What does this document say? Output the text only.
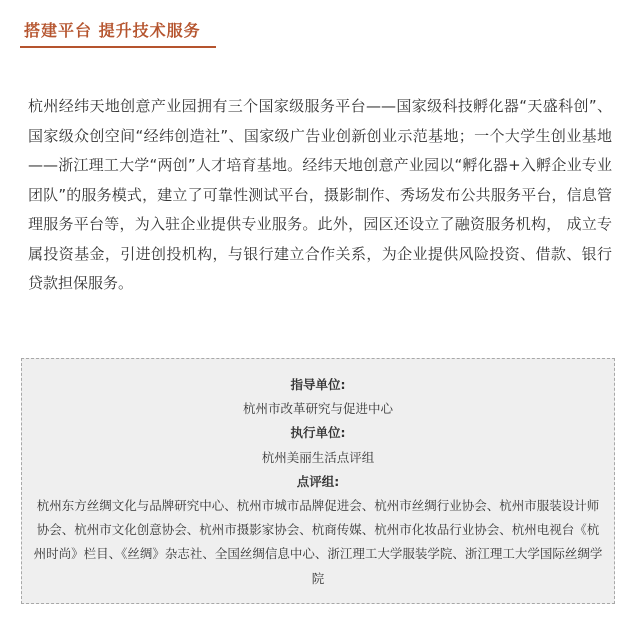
搭建平台 提升技术服务
杭州经纬天地创意产业园拥有三个国家级服务平台——国家级科技孵化器“天盛科创”、国家级众创空间“经纬创造社”、国家级广告业创新创业示范基地；一个大学生创业基地——浙江理工大学“两创”人才培育基地。经纬天地创意产业园以“孵化器+入孵企业专业团队”的服务模式，建立了可靠性测试平台，摄影制作、秀场发布公共服务平台，信息管理服务平台等，为入驻企业提供专业服务。此外，园区还设立了融资服务机构， 成立专属投资基金，引进创投机构，与银行建立合作关系，为企业提供风险投资、借款、银行贷款担保服务。
指导单位:
杭州市改革研究与促进中心
执行单位:
杭州美丽生活点评组
点评组:
杭州东方丝绸文化与品牌研究中心、杭州市城市品牌促进会、杭州市丝绸行业协会、杭州市服装设计师协会、杭州市文化创意协会、杭州市摄影家协会、杭商传媒、杭州市化妆品行业协会、杭州电视台《杭州时尚》栏目、《丝绸》杂志社、全国丝绸信息中心、浙江理工大学服装学院、浙江理工大学国际丝绸学院
